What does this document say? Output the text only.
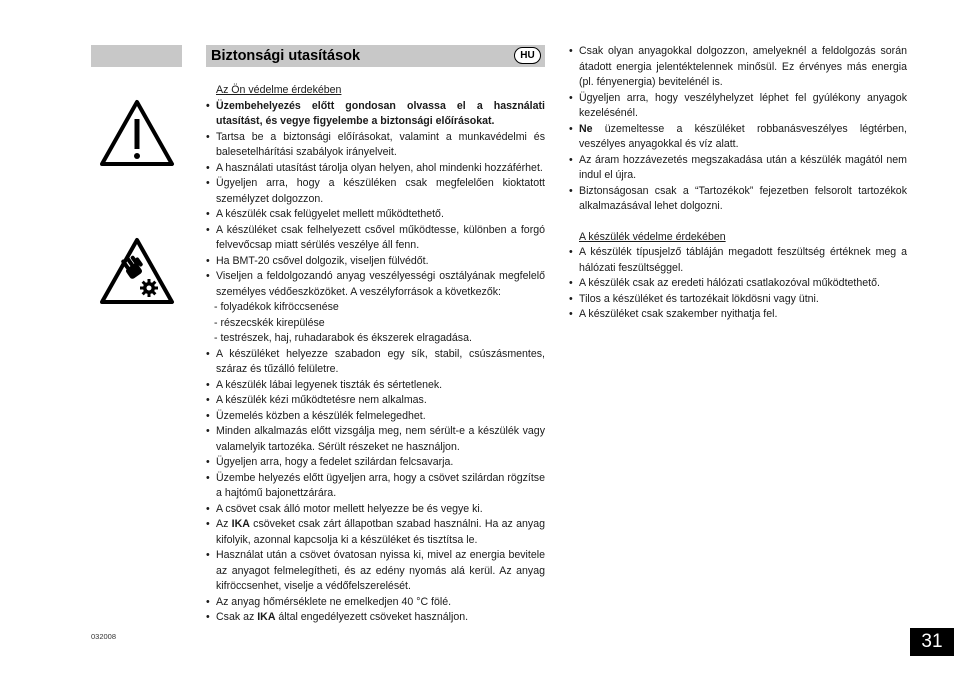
Biztonsági utasítások	HU
Az Ön védelme érdekében
• Üzembehelyezés előtt gondosan olvassa el a használati utasítást, és vegye figyelembe a biztonsági előírásokat.
• Tartsa be a biztonsági előírásokat, valamint a munkavédelmi és balesetelhárítási szabályok irányelveit.
• A használati utasítást tárolja olyan helyen, ahol mindenki hozzáférhet.
• Ügyeljen arra, hogy a készüléken csak megfelelően kioktatott személyzet dolgozzon.
• A készülék csak felügyelet mellett működtethető.
• A készüléket csak felhelyezett csővel működtesse, különben a forgó felvevőcsap miatt sérülés veszélye áll fenn.
• Ha BMT-20 csővel dolgozik, viseljen fülvédőt.
• Viseljen a feldolgozandó anyag veszélyességi osztályának megfelelő személyes védőeszközöket. A veszélyforrások a következők:
- folyadékok kifröccsenése
- részecskék kirepülése
- testrészek, haj, ruhadarabok és ékszerek elragadása.
• A készüléket helyezze szabadon egy sík, stabil, csúszásmentes, száraz és tűzálló felületre.
• A készülék lábai legyenek tiszták és sértetlenek.
• A készülék kézi működtetésre nem alkalmas.
• Üzemelés közben a készülék felmelegedhet.
• Minden alkalmazás előtt vizsgálja meg, nem sérült-e a készülék vagy valamelyik tartozéka. Sérült részeket ne használjon.
• Ügyeljen arra, hogy a fedelet szilárdan felcsavarja.
• Üzembe helyezés előtt ügyeljen arra, hogy a csövet szilárdan rögzítse a hajtómű bajonettzárára.
• A csövet csak álló motor mellett helyezze be és vegye ki.
• Az IKA csöveket csak zárt állapotban szabad használni. Ha az anyag kifolyik, azonnal kapcsolja ki a készüléket és tisztítsa le.
• Használat után a csövet óvatosan nyissa ki, mivel az energia bevitele az anyagot felmelegítheti, és az edény nyomás alá kerül. Az anyag kifröccsenhet, viselje a védőfelszerelését.
• Az anyag hőmérséklete ne emelkedjen 40 °C fölé.
• Csak az IKA által engedélyezett csöveket használjon.
• Csak olyan anyagokkal dolgozzon, amelyeknél a feldolgozás során átadott energia jelentéktelennek minősül. Ez érvényes más energia (pl. fényenergia) bevitelénél is.
• Ügyeljen arra, hogy veszélyhelyzet léphet fel gyúlékony anyagok kezelésénél.
• Ne üzemeltesse a készüléket robbanásveszélyes légtérben, veszélyes anyagokkal és víz alatt.
• Az áram hozzávezetés megszakadása után a készülék magától nem indul el újra.
• Biztonságosan csak a “Tartozékok” fejezetben felsorolt tartozékok alkalmazásával lehet dolgozni.
A készülék védelme érdekében
• A készülék típusjelző tábláján megadott feszültség értéknek meg a hálózati feszültséggel.
• A készülék csak az eredeti hálózati csatlakozóval működtethető.
• Tilos a készüléket és tartozékait lökdösni vagy ütni.
• A készüléket csak szakember nyithatja fel.
032008	31
